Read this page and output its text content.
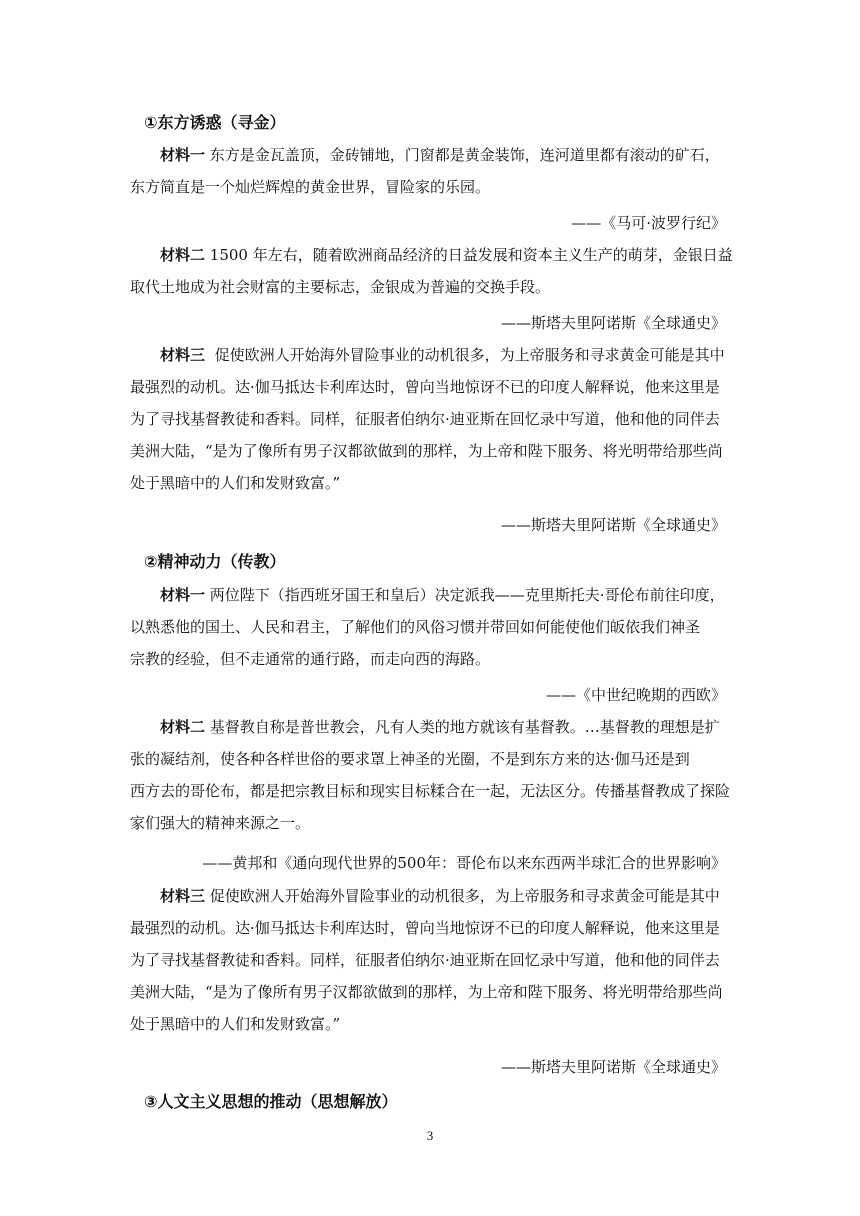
①东方诱惑（寻金）
材料一 东方是金瓦盖顶，金砖铺地，门窗都是黄金装饰，连河道里都有滚动的矿石，
东方简直是一个灿烂辉煌的黄金世界，冒险家的乐园。
——《马可·波罗行纪》
材料二 1500 年左右，随着欧洲商品经济的日益发展和资本主义生产的萌芽，金银日益
取代土地成为社会财富的主要标志，金银成为普遍的交换手段。
——斯塔夫里阿诺斯《全球通史》
材料三 促使欧洲人开始海外冒险事业的动机很多，为上帝服务和寻求黄金可能是其中
最强烈的动机。达·伽马抵达卡利库达时，曾向当地惊讶不已的印度人解释说，他来这里是
为了寻找基督教徒和香料。同样，征服者伯纳尔·迪亚斯在回忆录中写道，他和他的同伴去
美洲大陆，“是为了像所有男子汉都欲做到的那样，为上帝和陛下服务、将光明带给那些尚
处于黑暗中的人们和发财致富。”
——斯塔夫里阿诺斯《全球通史》
②精神动力（传教）
材料一 两位陛下（指西班牙国王和皇后）决定派我——克里斯托夫·哥伦布前往印度，
以熟悉他的国土、人民和君主，了解他们的风俗习惯并带回如何能使他们皈依我们神圣
宗教的经验，但不走通常的通行路，而走向西的海路。
——《中世纪晚期的西欧》
材料二 基督教自称是普世教会，凡有人类的地方就该有基督教。…基督教的理想是扩
张的凝结剂，使各种各样世俗的要求罩上神圣的光圈，不是到东方来的达·伽马还是到
西方去的哥伦布，都是把宗教目标和现实目标糅合在一起，无法区分。传播基督教成了探险
家们强大的精神来源之一。
——黄邦和《通向现代世界的500年：哥伦布以来东西两半球汇合的世界影响》
材料三 促使欧洲人开始海外冒险事业的动机很多，为上帝服务和寻求黄金可能是其中
最强烈的动机。达·伽马抵达卡利库达时，曾向当地惊讶不已的印度人解释说，他来这里是
为了寻找基督教徒和香料。同样，征服者伯纳尔·迪亚斯在回忆录中写道，他和他的同伴去
美洲大陆，“是为了像所有男子汉都欲做到的那样，为上帝和陛下服务、将光明带给那些尚
处于黑暗中的人们和发财致富。”
——斯塔夫里阿诺斯《全球通史》
③人文主义思想的推动（思想解放）
3
